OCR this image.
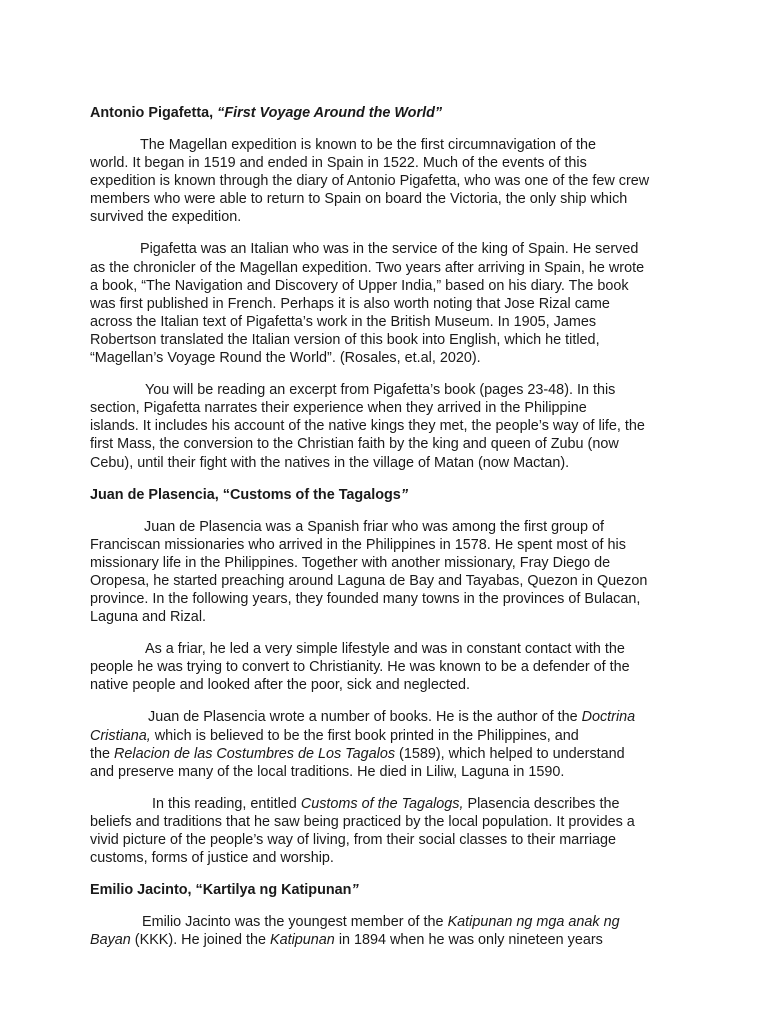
Antonio Pigafetta, “First Voyage Around the World”
The Magellan expedition is known to be the first circumnavigation of the
world. It began in 1519 and ended in Spain in 1522. Much of the events of this
expedition is known through the diary of Antonio Pigafetta, who was one of the few crew
members who were able to return to Spain on board the Victoria, the only ship which
survived the expedition.
Pigafetta was an Italian who was in the service of the king of Spain. He served
as the chronicler of the Magellan expedition. Two years after arriving in Spain, he wrote
a book, “The Navigation and Discovery of Upper India,” based on his diary. The book
was first published in French. Perhaps it is also worth noting that Jose Rizal came
across the Italian text of Pigafetta’s work in the British Museum. In 1905, James
Robertson translated the Italian version of this book into English, which he titled,
“Magellan’s Voyage Round the World”. (Rosales, et.al, 2020).
You will be reading an excerpt from Pigafetta’s book (pages 23-48). In this
section, Pigafetta narrates their experience when they arrived in the Philippine
islands. It includes his account of the native kings they met, the people’s way of life, the
first Mass, the conversion to the Christian faith by the king and queen of Zubu (now
Cebu), until their fight with the natives in the village of Matan (now Mactan).
Juan de Plasencia, “Customs of the Tagalogs”
Juan de Plasencia was a Spanish friar who was among the first group of
Franciscan missionaries who arrived in the Philippines in 1578. He spent most of his
missionary life in the Philippines. Together with another missionary, Fray Diego de
Oropesa, he started preaching around Laguna de Bay and Tayabas, Quezon in Quezon
province. In the following years, they founded many towns in the provinces of Bulacan,
Laguna and Rizal.
As a friar, he led a very simple lifestyle and was in constant contact with the
people he was trying to convert to Christianity. He was known to be a defender of the
native people and looked after the poor, sick and neglected.
Juan de Plasencia wrote a number of books. He is the author of the Doctrina
Cristiana, which is believed to be the first book printed in the Philippines, and
the Relacion de las Costumbres de Los Tagalos (1589), which helped to understand
and preserve many of the local traditions. He died in Liliw, Laguna in 1590.
In this reading, entitled Customs of the Tagalogs, Plasencia describes the
beliefs and traditions that he saw being practiced by the local population. It provides a
vivid picture of the people’s way of living, from their social classes to their marriage
customs, forms of justice and worship.
Emilio Jacinto, “Kartilya ng Katipunan”
Emilio Jacinto was the youngest member of the Katipunan ng mga anak ng
Bayan (KKK). He joined the Katipunan in 1894 when he was only nineteen years
